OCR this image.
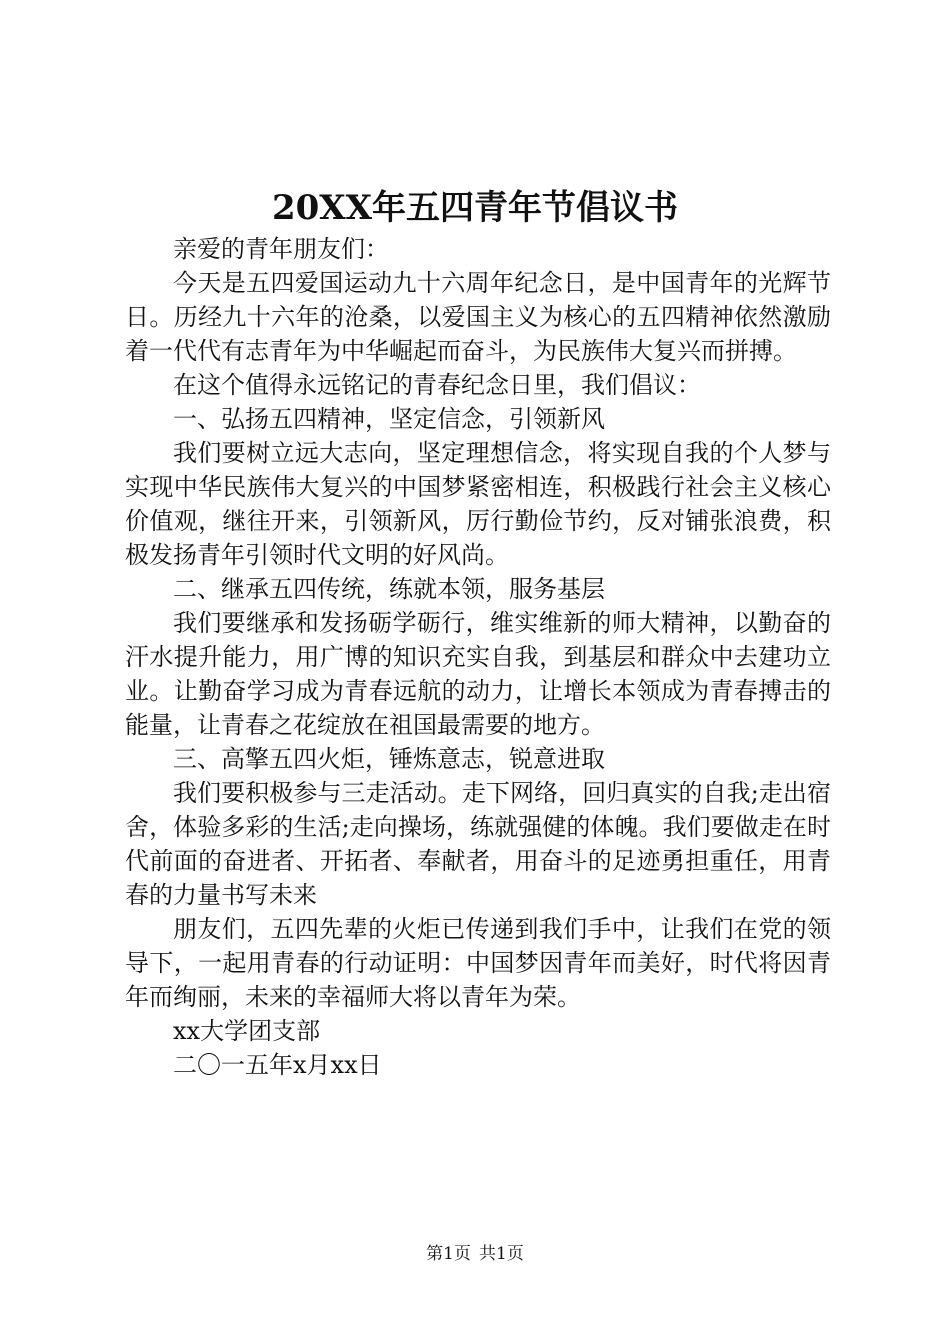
20XX年五四青年节倡议书

亲爱的青年朋友们：

今天是五四爱国运动九十六周年纪念日，是中国青年的光辉节日。历经九十六年的沧桑，以爱国主义为核心的五四精神依然激励着一代代有志青年为中华崛起而奋斗，为民族伟大复兴而拼搏。

在这个值得永远铭记的青春纪念日里，我们倡议：

一、弘扬五四精神，坚定信念，引领新风

我们要树立远大志向，坚定理想信念，将实现自我的个人梦与实现中华民族伟大复兴的中国梦紧密相连，积极践行社会主义核心价值观，继往开来，引领新风，厉行勤俭节约，反对铺张浪费，积极发扬青年引领时代文明的好风尚。

二、继承五四传统，练就本领，服务基层

我们要继承和发扬砺学砺行，维实维新的师大精神，以勤奋的汗水提升能力，用广博的知识充实自我，到基层和群众中去建功立业。让勤奋学习成为青春远航的动力，让增长本领成为青春搏击的能量，让青春之花绽放在祖国最需要的地方。

三、高擎五四火炬，锤炼意志，锐意进取

我们要积极参与三走活动。走下网络，回归真实的自我;走出宿舍，体验多彩的生活;走向操场，练就强健的体魄。我们要做走在时代前面的奋进者、开拓者、奉献者，用奋斗的足迹勇担重任，用青春的力量书写未来

朋友们，五四先辈的火炬已传递到我们手中，让我们在党的领导下，一起用青春的行动证明：中国梦因青年而美好，时代将因青年而绚丽，未来的幸福师大将以青年为荣。

xx大学团支部

二〇一五年x月xx日

第1页 共1页
